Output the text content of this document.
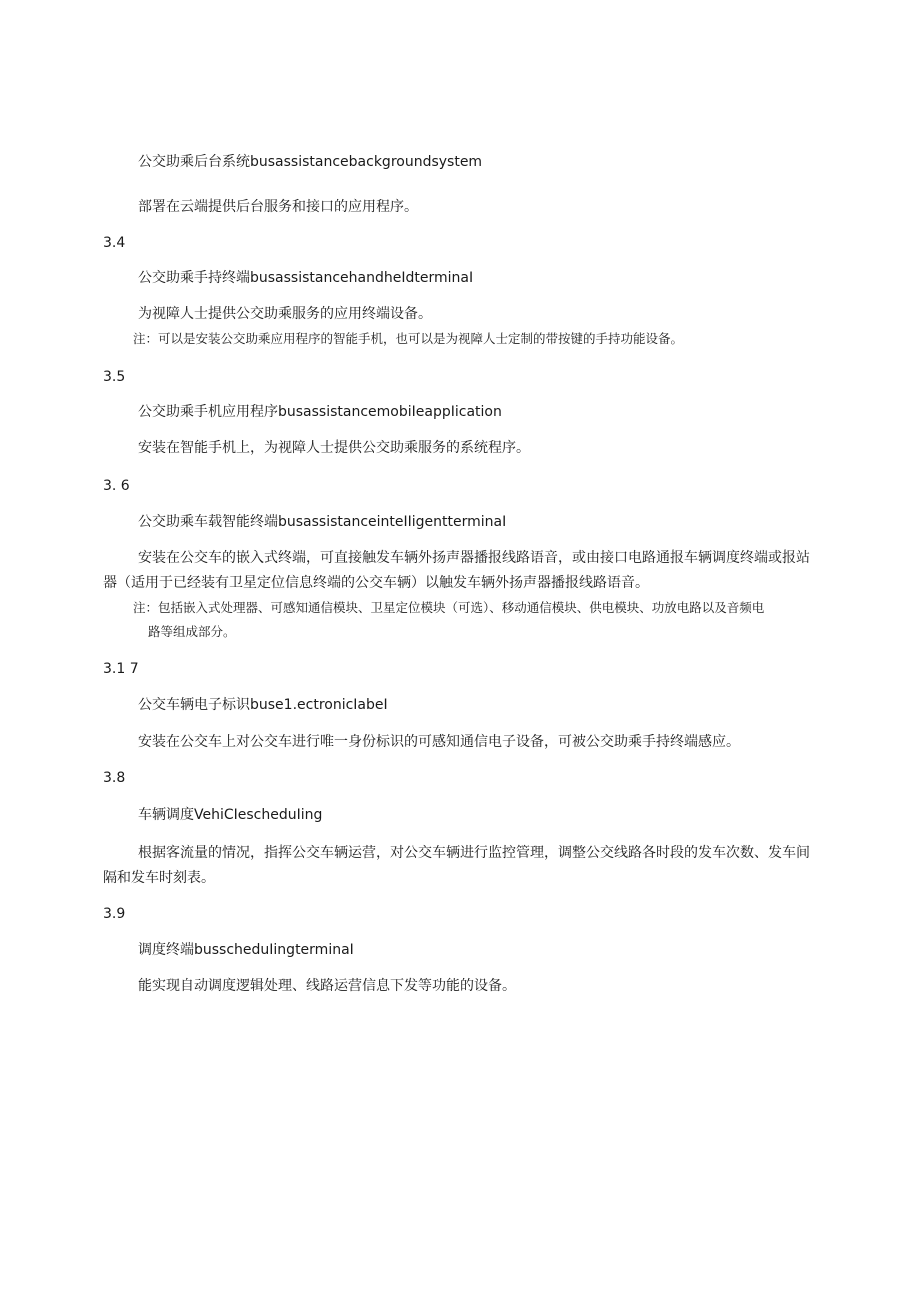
公交助乘后台系统busassistancebackgroundsystem
部署在云端提供后台服务和接口的应用程序。
3.4
公交助乘手持终端busassistancehandheIdterminaI
为视障人士提供公交助乘服务的应用终端设备。
注：可以是安装公交助乘应用程序的智能手机，也可以是为视障人士定制的带按键的手持功能设备。
3.5
公交助乘手机应用程序busassistancemobiIeappIication
安装在智能手机上，为视障人士提供公交助乘服务的系统程序。
3. 6
公交助乘车载智能终端busassistanceinteIIigentterminaI
安装在公交车的嵌入式终端，可直接触发车辆外扬声器播报线路语音，或由接口电路通报车辆调度终端或报站
器（适用于已经装有卫星定位信息终端的公交车辆）以触发车辆外扬声器播报线路语音。
注：包括嵌入式处理器、可感知通信模块、卫星定位模块（可选）、移动通信模块、供电模块、功放电路以及音频电
路等组成部分。
3.1 7
公交车辆电子标识buse1.ectronicIabeI
安装在公交车上对公交车进行唯一身份标识的可感知通信电子设备，可被公交助乘手持终端感应。
3.8
车辆调度VehiCIescheduIing
根据客流量的情况，指挥公交车辆运营，对公交车辆进行监控管理，调整公交线路各时段的发车次数、发车间
隔和发车时刻表。
3.9
调度终端busscheduIingterminaI
能实现自动调度逻辑处理、线路运营信息下发等功能的设备。
